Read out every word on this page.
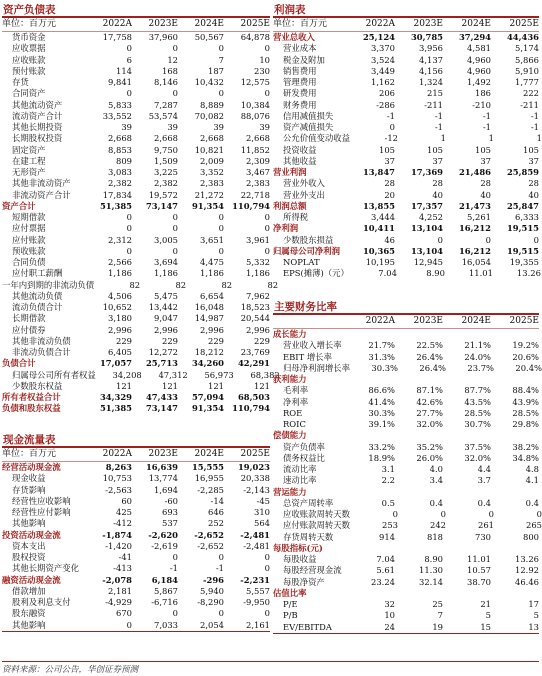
资产负债表
单位：百万元	2022A	2023E	2024E	2025E
货币资金	17,758	37,960	50,567	64,878
应收票据	0	0	0	0
应收账款	6	12	7	10
预付账款	114	168	187	230
存货	9,841	8,146	10,432	12,575
合同资产	0	0	0	0
其他流动资产	5,833	7,287	8,889	10,384
流动资产合计	33,552	53,574	70,082	88,076
其他长期投资	39	39	39	39
长期股权投资	2,668	2,668	2,668	2,668
固定资产	8,853	9,750	10,821	11,852
在建工程	809	1,509	2,009	2,309
无形资产	3,083	3,225	3,352	3,467
其他非流动资产	2,382	2,382	2,383	2,383
非流动资产合计	17,834	19,572	21,272	22,718
资产合计	51,385	73,147	91,354 110,794
短期借款	0	0	0	0
应付票据	0	0	0	0
应付账款	2,312	3,005	3,651	3,961
预收账款	0	0	0	0
合同负债	2,566	3,694	4,475	5,332
应付职工薪酬	1,186	1,186	1,186	1,186
一年内到期的非流动负债	82	82	82	82
其他流动负债	4,506	5,475	6,654	7,962
流动负债合计	10,652	13,442	16,048	18,523
长期借款	3,180	9,047	14,987	20,544
应付债券	2,996	2,996	2,996	2,996
其他非流动负债	229	229	229	229
非流动负债合计	6,405	12,272	18,212	23,769
负债合计	17,057	25,713	34,260	42,291
归属母公司所有者权益	34,208	47,312	56,973	68,382
少数股东权益	121	121	121	121
所有者权益合计	34,329	47,433	57,094	68,503
负债和股东权益	51,385	73,147	91,354 110,794
现金流量表
单位：百万元	2022A	2023E	2024E	2025E
经营活动现金流	8,263	16,639	15,555	19,023
现金收益	10,753	13,774	16,955	20,338
存货影响	-2,563	1,694	-2,285	-2,143
经营性应收影响	60	-60	-14	-45
经营性应付影响	425	693	646	310
其他影响	-412	537	252	564
投资活动现金流	-1,874	-2,620	-2,652	-2,481
资本支出	-1,420	-2,619	-2,652	-2,481
股权投资	-41	0	0	0
其他长期资产变化	-413	-1	-1	0
融资活动现金流	-2,078	6,184	-296	-2,231
借款增加	2,181	5,867	5,940	5,557
股利及利息支付	-4,929	-6,716	-8,290	-9,950
股东融资	670	0	0	0
其他影响	0	7,033	2,054	2,161
利润表
单位：百万元	2022A	2023E	2024E	2025E
营业总收入	25,124	30,785	37,294	44,436
营业成本	3,370	3,956	4,581	5,174
税金及附加	3,524	4,137	4,960	5,866
销售费用	3,449	4,156	4,960	5,910
管理费用	1,162	1,324	1,492	1,777
研发费用	206	215	186	222
财务费用	-286	-211	-210	-211
信用减值损失	-1	-1	-1	-1
资产减值损失	0	-1	-1	-1
公允价值变动收益	-12	1	1	1
投资收益	105	105	105	105
其他收益	37	37	37	37
营业利润	13,847	17,369	21,486	25,859
营业外收入	28	28	28	28
营业外支出	20	40	40	40
利润总额	13,855	17,357	21,473	25,847
所得税	3,444	4,252	5,261	6,333
净利润	10,411	13,104	16,212	19,515
少数股东损益	46	0	0	0
归属母公司净利润	10,365	13,104	16,212	19,515
NOPLAT	10,195	12,945	16,054	19,355
EPS(摊薄)（元）	7.04	8.90	11.01	13.26
主要财务比率
2022A	2023E	2024E	2025E
成长能力
营业收入增长率	21.7%	22.5%	21.1%	19.2%
EBIT 增长率	31.3%	26.4%	24.0%	20.6%
归母净利润增长率	30.3%	26.4%	23.7%	20.4%
获利能力
毛利率	86.6%	87.1%	87.7%	88.4%
净利率	41.4%	42.6%	43.5%	43.9%
ROE	30.3%	27.7%	28.5%	28.5%
ROIC	39.1%	32.0%	30.7%	29.8%
偿债能力
资产负债率	33.2%	35.2%	37.5%	38.2%
债务权益比	18.9%	26.0%	32.0%	34.8%
流动比率	3.1	4.0	4.4	4.8
速动比率	2.2	3.4	3.7	4.1
营运能力
总资产周转率	0.5	0.4	0.4	0.4
应收账款周转天数	0	0	0	0
应付账款周转天数	253	242	261	265
存货周转天数	914	818	730	800
每股指标(元)
每股收益	7.04	8.90	11.01	13.26
每股经营现金流	5.61	11.30	10.57	12.92
每股净资产	23.24	32.14	38.70	46.46
估值比率
P/E	32	25	21	17
P/B	10	7	5	5
EV/EBITDA	24	19	15	13
资料来源：公司公告，华创证券预测
